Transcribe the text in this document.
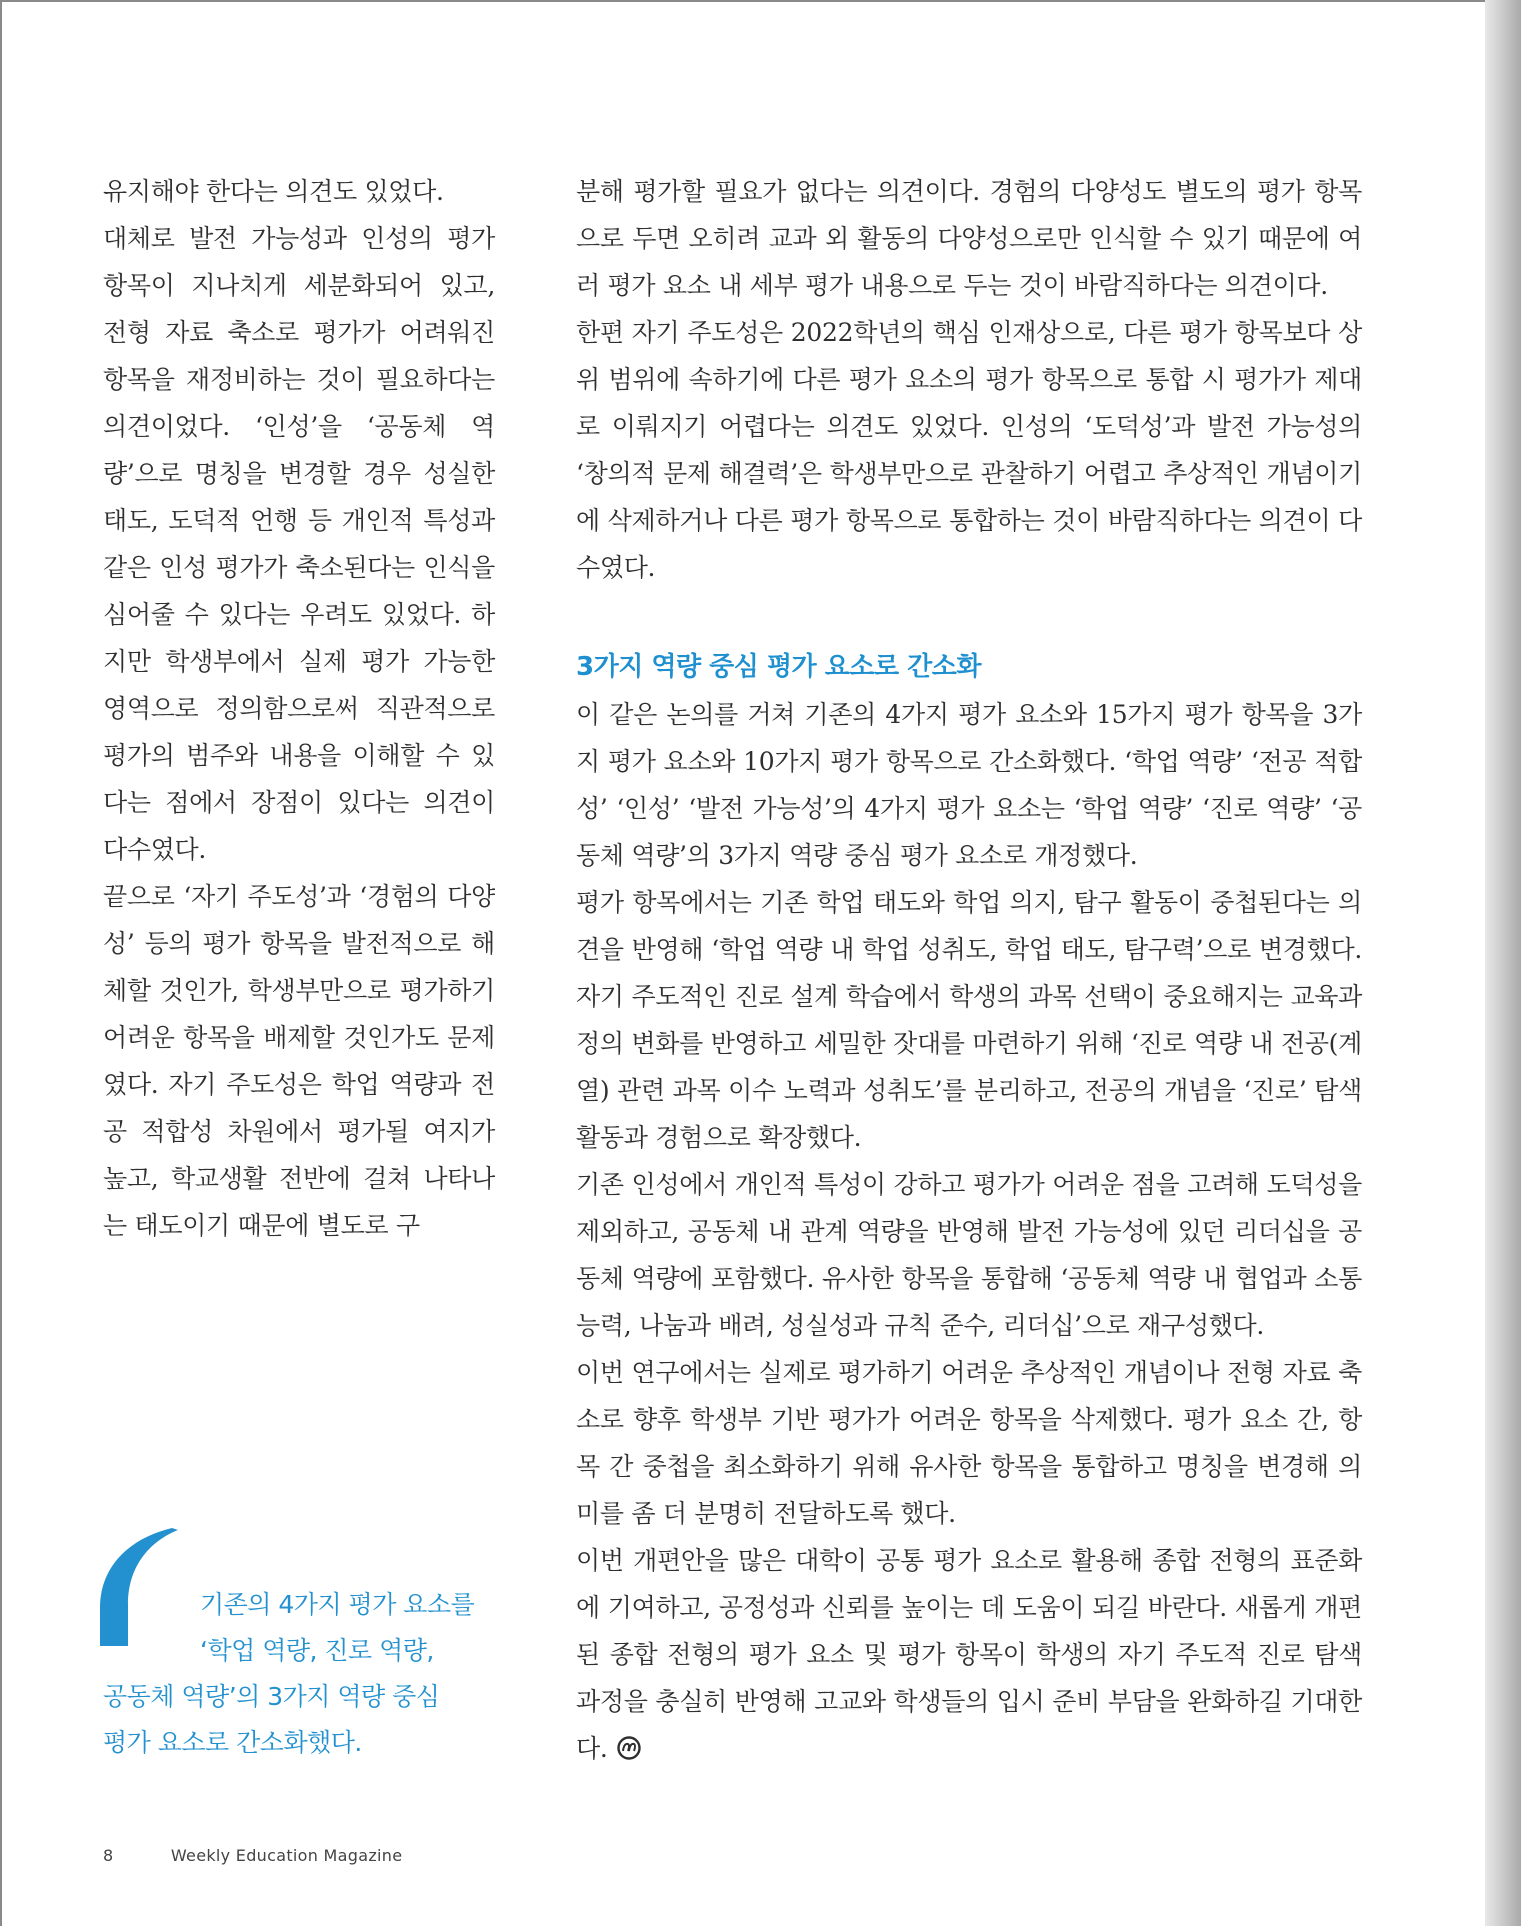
유지해야 한다는 의견도 있었다.

대체로 발전 가능성과 인성의 평가 항목이 지나치게 세분화되어 있고, 전형 자료 축소로 평가가 어려워진 항목을 재정비하는 것이 필요하다는 의견이었다. ‘인성’을 ‘공동체 역량’으로 명칭을 변경할 경우 성실한 태도, 도덕적 언행 등 개인적 특성과 같은 인성 평가가 축소된다는 인식을 심어줄 수 있다는 우려도 있었다. 하지만 학생부에서 실제 평가 가능한 영역으로 정의함으로써 직관적으로 평가의 범주와 내용을 이해할 수 있다는 점에서 장점이 있다는 의견이 다수였다.

끝으로 ‘자기 주도성’과 ‘경험의 다양성’ 등의 평가 항목을 발전적으로 해체할 것인가, 학생부만으로 평가하기 어려운 항목을 배제할 것인가도 문제였다. 자기 주도성은 학업 역량과 전공 적합성 차원에서 평가될 여지가 높고, 학교생활 전반에 걸쳐 나타나는 태도이기 때문에 별도로 구

분해 평가할 필요가 없다는 의견이다. 경험의 다양성도 별도의 평가 항목으로 두면 오히려 교과 외 활동의 다양성으로만 인식할 수 있기 때문에 여러 평가 요소 내 세부 평가 내용으로 두는 것이 바람직하다는 의견이다.

한편 자기 주도성은 2022학년의 핵심 인재상으로, 다른 평가 항목보다 상위 범위에 속하기에 다른 평가 요소의 평가 항목으로 통합 시 평가가 제대로 이뤄지기 어렵다는 의견도 있었다. 인성의 ‘도덕성’과 발전 가능성의 ‘창의적 문제 해결력’은 학생부만으로 관찰하기 어렵고 추상적인 개념이기에 삭제하거나 다른 평가 항목으로 통합하는 것이 바람직하다는 의견이 다수였다.

3가지 역량 중심 평가 요소로 간소화

이 같은 논의를 거쳐 기존의 4가지 평가 요소와 15가지 평가 항목을 3가지 평가 요소와 10가지 평가 항목으로 간소화했다. ‘학업 역량’ ‘전공 적합성’ ‘인성’ ‘발전 가능성’의 4가지 평가 요소는 ‘학업 역량’ ‘진로 역량’ ‘공동체 역량’의 3가지 역량 중심 평가 요소로 개정했다.

평가 항목에서는 기존 학업 태도와 학업 의지, 탐구 활동이 중첩된다는 의견을 반영해 ‘학업 역량 내 학업 성취도, 학업 태도, 탐구력’으로 변경했다. 자기 주도적인 진로 설계 학습에서 학생의 과목 선택이 중요해지는 교육과정의 변화를 반영하고 세밀한 잣대를 마련하기 위해 ‘진로 역량 내 전공(계열) 관련 과목 이수 노력과 성취도’를 분리하고, 전공의 개념을 ‘진로’ 탐색 활동과 경험으로 확장했다.

기존 인성에서 개인적 특성이 강하고 평가가 어려운 점을 고려해 도덕성을 제외하고, 공동체 내 관계 역량을 반영해 발전 가능성에 있던 리더십을 공동체 역량에 포함했다. 유사한 항목을 통합해 ‘공동체 역량 내 협업과 소통 능력, 나눔과 배려, 성실성과 규칙 준수, 리더십’으로 재구성했다.

이번 연구에서는 실제로 평가하기 어려운 추상적인 개념이나 전형 자료 축소로 향후 학생부 기반 평가가 어려운 항목을 삭제했다. 평가 요소 간, 항목 간 중첩을 최소화하기 위해 유사한 항목을 통합하고 명칭을 변경해 의미를 좀 더 분명히 전달하도록 했다.

이번 개편안을 많은 대학이 공통 평가 요소로 활용해 종합 전형의 표준화에 기여하고, 공정성과 신뢰를 높이는 데 도움이 되길 바란다. 새롭게 개편된 종합 전형의 평가 요소 및 평가 항목이 학생의 자기 주도적 진로 탐색 과정을 충실히 반영해 고교와 학생들의 입시 준비 부담을 완화하길 기대한다.

기존의 4가지 평가 요소를
‘학업 역량, 진로 역량,
공동체 역량’의 3가지 역량 중심
평가 요소로 간소화했다.
8	Weekly Education Magazine
